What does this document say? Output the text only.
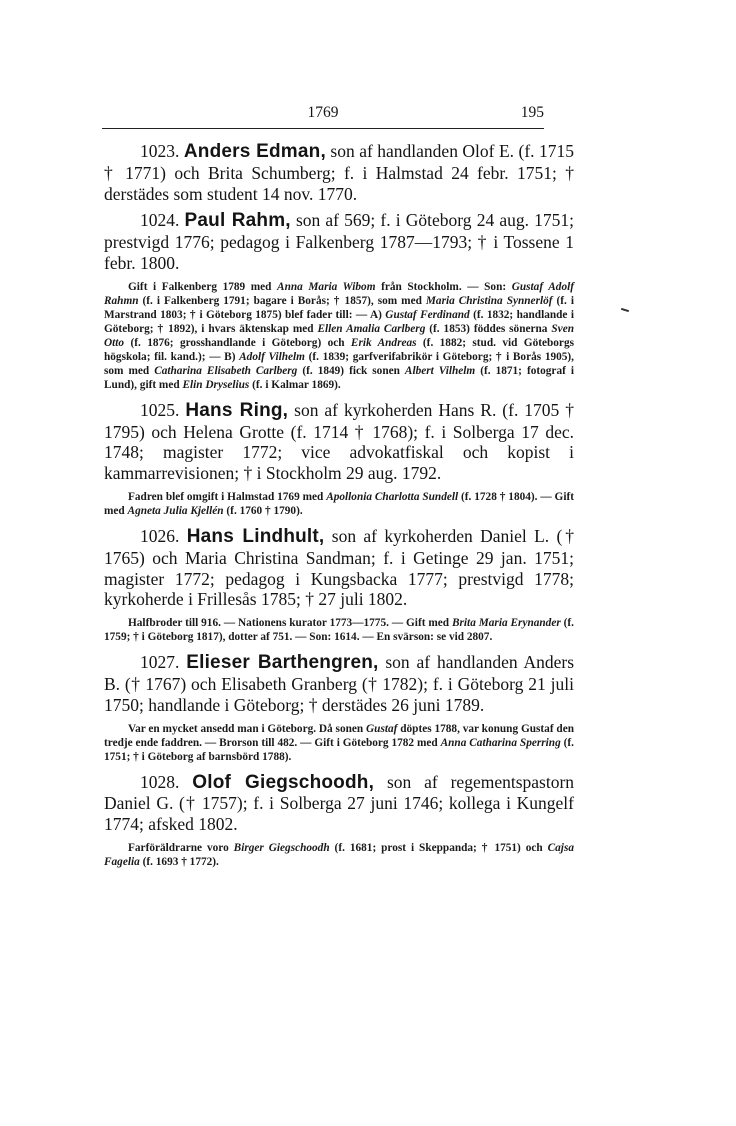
1769	195

1023. Anders Edman, son af handlanden Olof E. (f. 1715 † 1771) och Brita Schumberg; f. i Halmstad 24 febr. 1751; † derstädes som student 14 nov. 1770.

1024. Paul Rahm, son af 569; f. i Göteborg 24 aug. 1751; prestvigd 1776; pedagog i Falkenberg 1787—1793; † i Tossene 1 febr. 1800.

Gift i Falkenberg 1789 med Anna Maria Wibom från Stockholm. — Son: Gustaf Adolf Rahmn (f. i Falkenberg 1791; bagare i Borås; † 1857), som med Maria Christina Synnerlöf (f. i Marstrand 1803; † i Göteborg 1875) blef fader till: — A) Gustaf Ferdinand (f. 1832; handlande i Göteborg; † 1892), i hvars äktenskap med Ellen Amalia Carlberg (f. 1853) föddes sönerna Sven Otto (f. 1876; grosshandlande i Göteborg) och Erik Andreas (f. 1882; stud. vid Göteborgs högskola; fil. kand.); — B) Adolf Vilhelm (f. 1839; garfverifabrikör i Göteborg; † i Borås 1905), som med Catharina Elisabeth Carlberg (f. 1849) fick sonen Albert Vilhelm (f. 1871; fotograf i Lund), gift med Elin Dryselius (f. i Kalmar 1869).

1025. Hans Ring, son af kyrkoherden Hans R. (f. 1705 † 1795) och Helena Grotte (f. 1714 † 1768); f. i Solberga 17 dec. 1748; magister 1772; vice advokatfiskal och kopist i kammarrevisionen; † i Stockholm 29 aug. 1792.

Fadren blef omgift i Halmstad 1769 med Apollonia Charlotta Sundell (f. 1728 † 1804). — Gift med Agneta Julia Kjellén (f. 1760 † 1790).

1026. Hans Lindhult, son af kyrkoherden Daniel L. († 1765) och Maria Christina Sandman; f. i Getinge 29 jan. 1751; magister 1772; pedagog i Kungsbacka 1777; prestvigd 1778; kyrkoherde i Frillesås 1785; † 27 juli 1802.

Halfbroder till 916. — Nationens kurator 1773—1775. — Gift med Brita Maria Erynander (f. 1759; † i Göteborg 1817), dotter af 751. — Son: 1614. — En svärson: se vid 2807.

1027. Elieser Barthengren, son af handlanden Anders B. († 1767) och Elisabeth Granberg († 1782); f. i Göteborg 21 juli 1750; handlande i Göteborg; † derstädes 26 juni 1789.

Var en mycket ansedd man i Göteborg. Då sonen Gustaf döptes 1788, var konung Gustaf den tredje ende faddren. — Brorson till 482. — Gift i Göteborg 1782 med Anna Catharina Sperring (f. 1751; † i Göteborg af barnsbörd 1788).

1028. Olof Giegschoodh, son af regementspastorn Daniel G. († 1757); f. i Solberga 27 juni 1746; kollega i Kungelf 1774; afsked 1802.

Farföräldrarne voro Birger Giegschoodh (f. 1681; prost i Skeppanda; † 1751) och Cajsa Fagelia (f. 1693 † 1772).
